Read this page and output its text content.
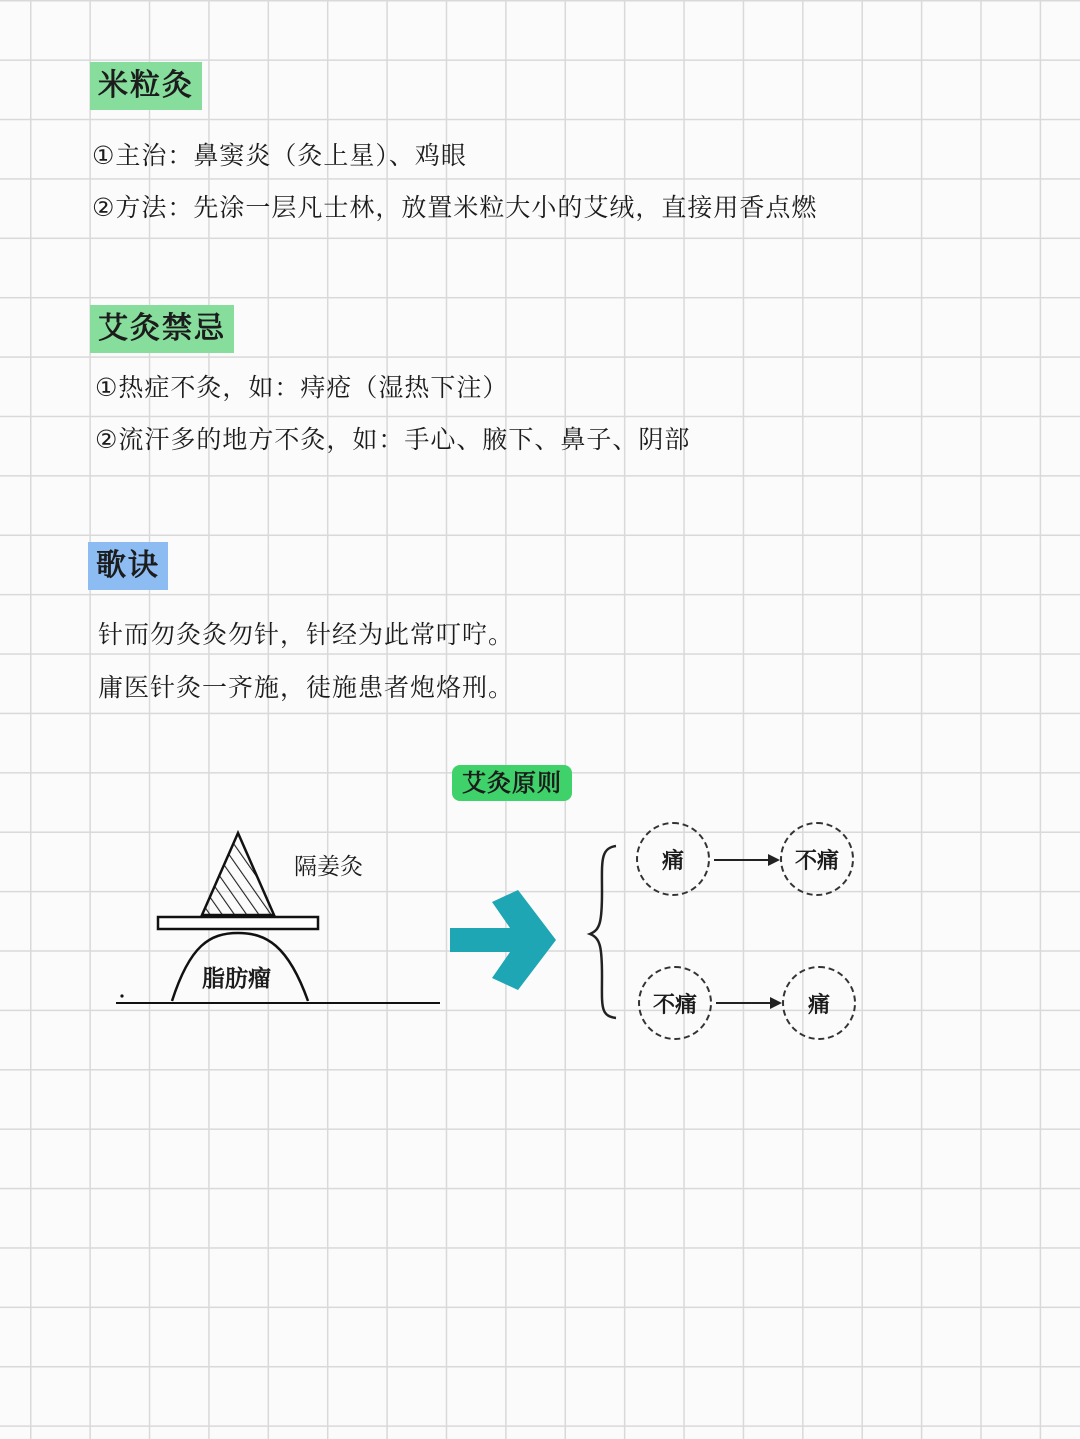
米粒灸
①主治：鼻窦炎（灸上星）、鸡眼
②方法：先涂一层凡士林，放置米粒大小的艾绒，直接用香点燃
艾灸禁忌
①热症不灸，如：痔疮（湿热下注）
②流汗多的地方不灸，如：手心、腋下、鼻子、阴部
歌诀
针而勿灸灸勿针，针经为此常叮咛。
庸医针灸一齐施，徒施患者炮烙刑。
艾灸原则
隔姜灸
脂肪瘤
痛	不痛
不痛	痛
